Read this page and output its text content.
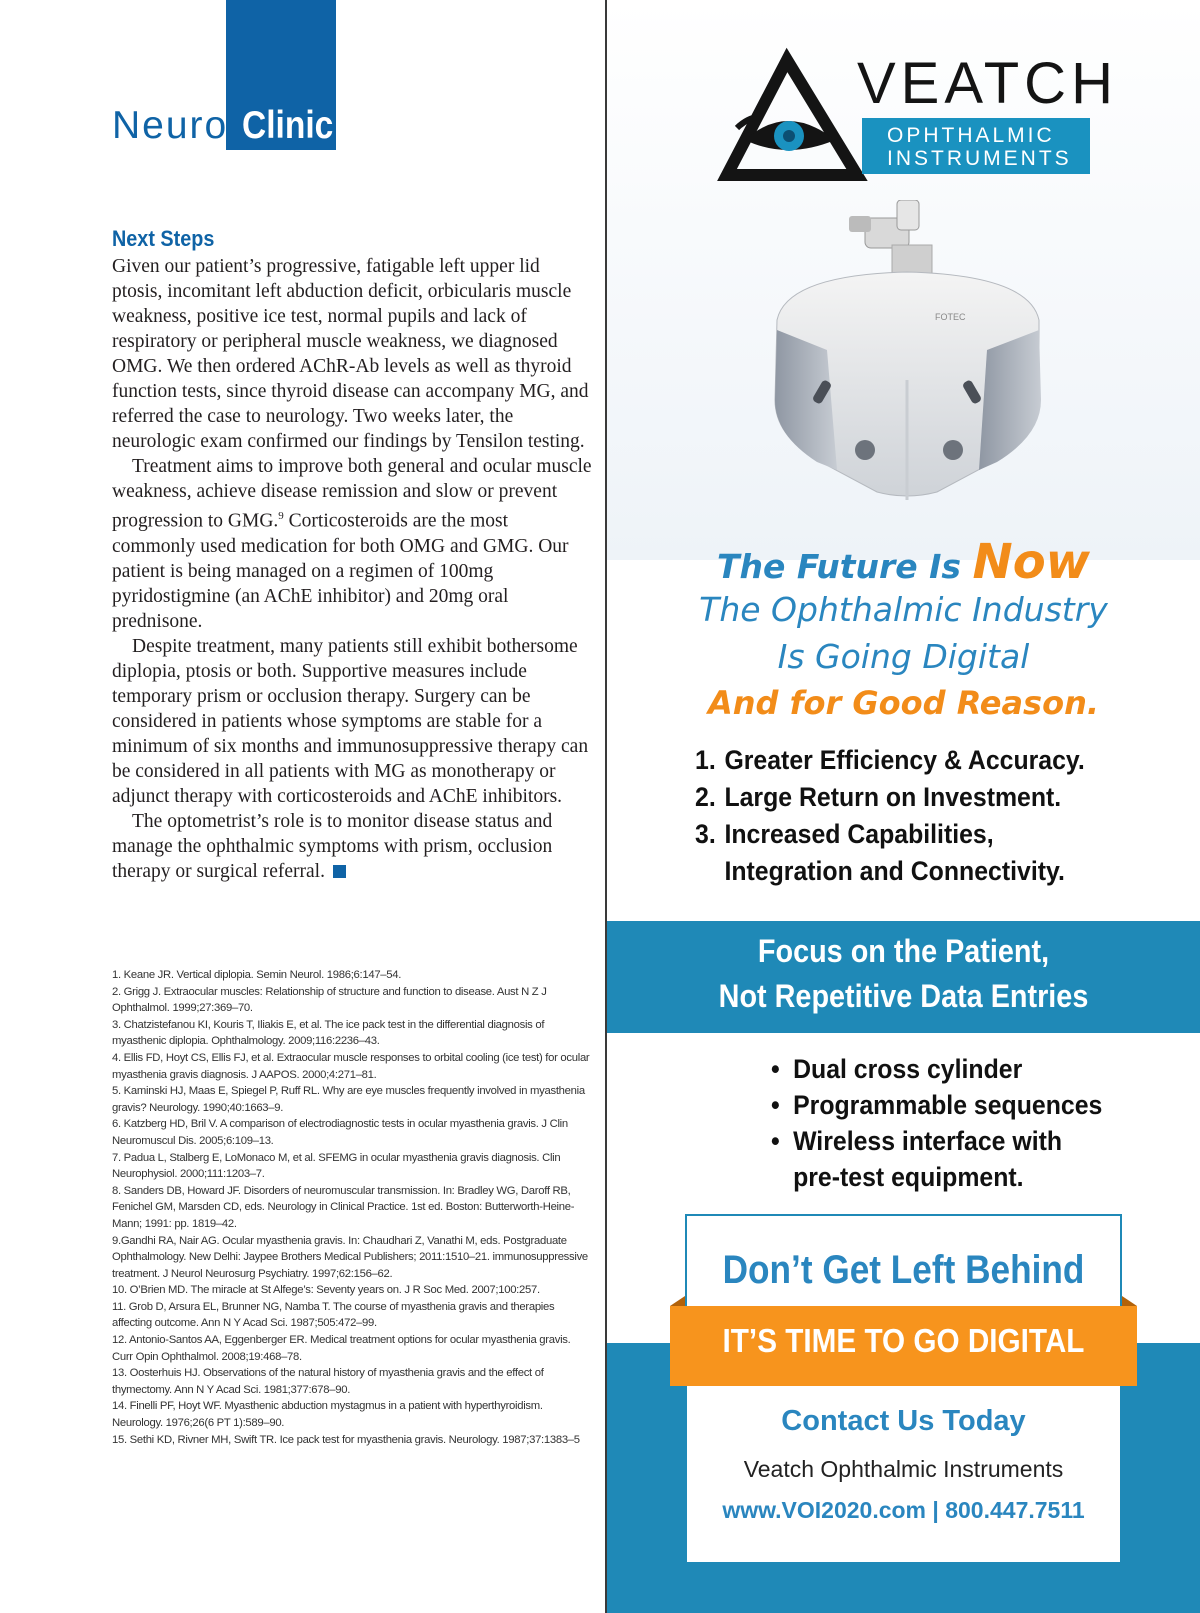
Neuro Clinic
Next Steps

Given our patient’s progressive, fatigable left upper lid ptosis, incomitant left abduction deficit, orbicularis muscle weakness, positive ice test, normal pupils and lack of respiratory or peripheral muscle weakness, we diagnosed OMG. We then ordered AChR-Ab levels as well as thyroid function tests, since thyroid disease can accompany MG, and referred the case to neurology. Two weeks later, the neurologic exam confirmed our findings by Tensilon testing.

Treatment aims to improve both general and ocular muscle weakness, achieve disease remission and slow or prevent progression to GMG.$^9$ Corticosteroids are the most commonly used medication for both OMG and GMG. Our patient is being managed on a regimen of 100mg pyridostigmine (an AChE inhibitor) and 20mg oral prednisone.

Despite treatment, many patients still exhibit bothersome diplopia, ptosis or both. Supportive measures include temporary prism or occlusion therapy. Surgery can be considered in patients whose symptoms are stable for a minimum of six months and immunosuppressive therapy can be considered in all patients with MG as monotherapy or adjunct therapy with corticosteroids and AChE inhibitors.

The optometrist’s role is to monitor disease status and manage the ophthalmic symptoms with prism, occlusion therapy or surgical referral.

1. Keane JR. Vertical diplopia. Semin Neurol. 1986;6:147–54.

2. Grigg J. Extraocular muscles: Relationship of structure and function to disease. Aust N Z J Ophthalmol. 1999;27:369–70.

3. Chatzistefanou KI, Kouris T, Iliakis E, et al. The ice pack test in the differential diagnosis of myasthenic diplopia. Ophthalmology. 2009;116:2236–43.

4. Ellis FD, Hoyt CS, Ellis FJ, et al. Extraocular muscle responses to orbital cooling (ice test) for ocular myasthenia gravis diagnosis. J AAPOS. 2000;4:271–81.

5. Kaminski HJ, Maas E, Spiegel P, Ruff RL. Why are eye muscles frequently involved in myasthenia gravis? Neurology. 1990;40:1663–9.

6. Katzberg HD, Bril V. A comparison of electrodiagnostic tests in ocular myasthenia gravis. J Clin Neuromuscul Dis. 2005;6:109–13.

7. Padua L, Stalberg E, LoMonaco M, et al. SFEMG in ocular myasthenia gravis diagnosis. Clin Neurophysiol. 2000;111:1203–7.

8. Sanders DB, Howard JF. Disorders of neuromuscular transmission. In: Bradley WG, Daroff RB, Fenichel GM, Marsden CD, eds. Neurology in Clinical Practice. 1st ed. Boston: Butterworth-Heine-Mann; 1991: pp. 1819–42.

9.Gandhi RA, Nair AG. Ocular myasthenia gravis. In: Chaudhari Z, Vanathi M, eds. Postgraduate Ophthalmology. New Delhi: Jaypee Brothers Medical Publishers; 2011:1510–21. immunosuppressive treatment. J Neurol Neurosurg Psychiatry. 1997;62:156–62.

10. O’Brien MD. The miracle at St Alfege’s: Seventy years on. J R Soc Med. 2007;100:257.

11. Grob D, Arsura EL, Brunner NG, Namba T. The course of myasthenia gravis and therapies affecting outcome. Ann N Y Acad Sci. 1987;505:472–99.

12. Antonio-Santos AA, Eggenberger ER. Medical treatment options for ocular myasthenia gravis. Curr Opin Ophthalmol. 2008;19:468–78.

13. Oosterhuis HJ. Observations of the natural history of myasthenia gravis and the effect of thymectomy. Ann N Y Acad Sci. 1981;377:678–90.

14. Finelli PF, Hoyt WF. Myasthenic abduction mystagmus in a patient with hyperthyroidism. Neurology. 1976;26(6 PT 1):589–90.

15. Sethi KD, Rivner MH, Swift TR. Ice pack test for myasthenia gravis. Neurology. 1987;37:1383–5

VEATCH
OPHTHALMIC
INSTRUMENTS
FOTEC
The Future Is Now
The Ophthalmic Industry
Is Going Digital
And for Good Reason.
1. Greater Efficiency & Accuracy.
2. Large Return on Investment.
3. Increased Capabilities, Integration and Connectivity.
Focus on the Patient,
Not Repetitive Data Entries
• Dual cross cylinder
• Programmable sequences
• Wireless interface with
pre-test equipment.
Don’t Get Left Behind
IT’S TIME TO GO DIGITAL
Contact Us Today
Veatch Ophthalmic Instruments
www.VOI2020.com | 800.447.7511
